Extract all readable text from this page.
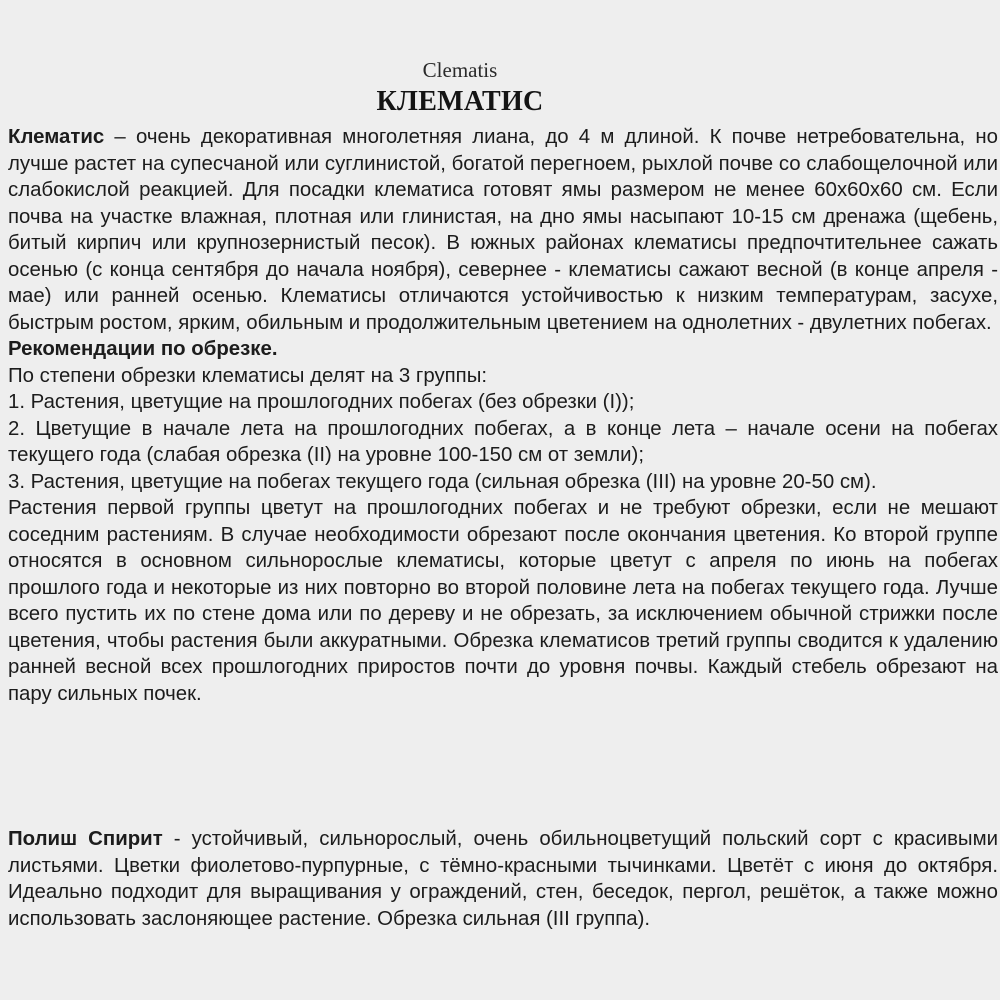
Clematis
КЛЕМАТИС

Клематис – очень декоративная многолетняя лиана, до 4 м длиной. К почве нетребовательна, но лучше растет на супесчаной или суглинистой, богатой перегноем, рыхлой почве со слабощелочной или слабокислой реакцией. Для посадки клематиса готовят ямы размером не менее 60х60х60 см. Если почва на участке влажная, плотная или глинистая, на дно ямы насыпают 10-15 см дренажа (щебень, битый кирпич или крупнозернистый песок). В южных районах клематисы предпочтительнее сажать осенью (с конца сентября до начала ноября), севернее - клематисы сажают весной (в конце апреля - мае) или ранней осенью. Клематисы отличаются устойчивостью к низким температурам, засухе, быстрым ростом, ярким, обильным и продолжительным цветением на однолетних - двулетних побегах.

Рекомендации по обрезке.

По степени обрезки клематисы делят на 3 группы:

1. Растения, цветущие на прошлогодних побегах (без обрезки (I));

2. Цветущие в начале лета на прошлогодних побегах, а в конце лета – начале осени на побегах текущего года (слабая обрезка (II) на уровне 100-150 см от земли);

3. Растения, цветущие на побегах текущего года (сильная обрезка (III) на уровне 20-50 см).

Растения первой группы цветут на прошлогодних побегах и не требуют обрезки, если не мешают соседним растениям. В случае необходимости обрезают после окончания цветения. Ко второй группе относятся в основном сильнорослые клематисы, которые цветут с апреля по июнь на побегах прошлого года и некоторые из них повторно во второй половине лета на побегах текущего года. Лучше всего пустить их по стене дома или по дереву и не обрезать, за исключением обычной стрижки после цветения, чтобы растения были аккуратными. Обрезка клематисов третий группы сводится к удалению ранней весной всех прошлогодних приростов почти до уровня почвы. Каждый стебель обрезают на пару сильных почек.

Полиш Спирит - устойчивый, сильнорослый, очень обильноцветущий польский сорт с красивыми листьями. Цветки фиолетово-пурпурные, с тёмно-красными тычинками. Цветёт с июня до октября. Идеально подходит для выращивания у ограждений, стен, беседок, пергол, решёток, а также можно использовать заслоняющее растение. Обрезка сильная (III группа).
